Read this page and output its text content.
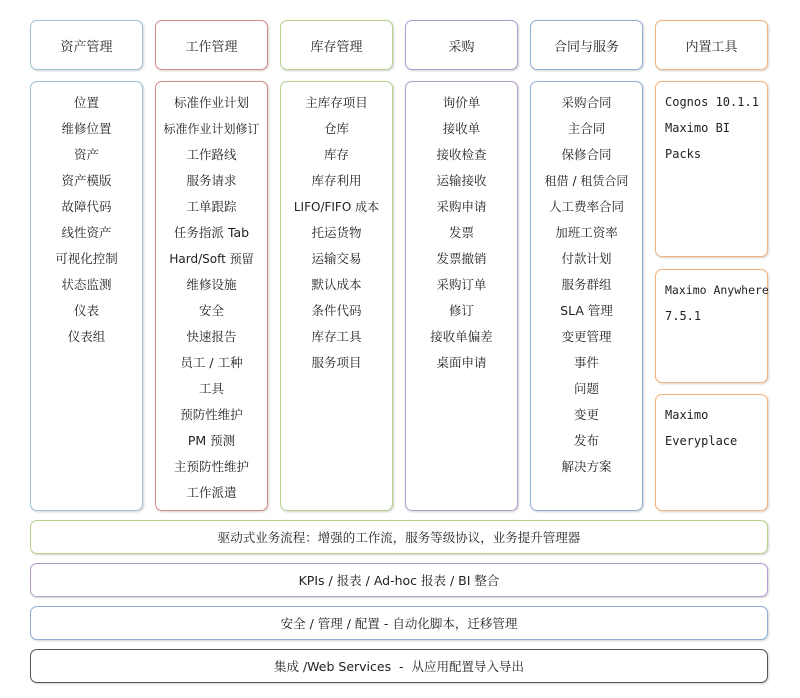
资产管理	工作管理	库存管理	采购	合同与服务	内置工具
位置
维修位置
资产
资产模版
故障代码
线性资产
可视化控制
状态监测
仪表
仪表组
标准作业计划
标准作业计划修订
工作路线
服务请求
工单跟踪
任务指派 Tab
Hard/Soft 预留
维修设施
安全
快速报告
员工 / 工种
工具
预防性维护
PM 预测
主预防性维护
工作派遣
主库存项目
仓库
库存
库存利用
LIFO/FIFO 成本
托运货物
运输交易
默认成本
条件代码
库存工具
服务项目
询价单
接收单
接收检查
运输接收
采购申请
发票
发票撤销
采购订单
修订
接收单偏差
桌面申请
采购合同
主合同
保修合同
租借 / 租赁合同
人工费率合同
加班工资率
付款计划
服务群组
SLA 管理
变更管理
事件
问题
变更
发布
解决方案
Cognos 10.1.1
Maximo BI
Packs
Maximo Anywhere
7.5.1
Maximo
Everyplace
驱动式业务流程：增强的工作流，服务等级协议，业务提升管理器
KPIs / 报表 / Ad-hoc 报表 / BI 整合
安全 / 管理 / 配置 - 自动化脚本，迁移管理
集成 /Web Services  -  从应用配置导入导出
